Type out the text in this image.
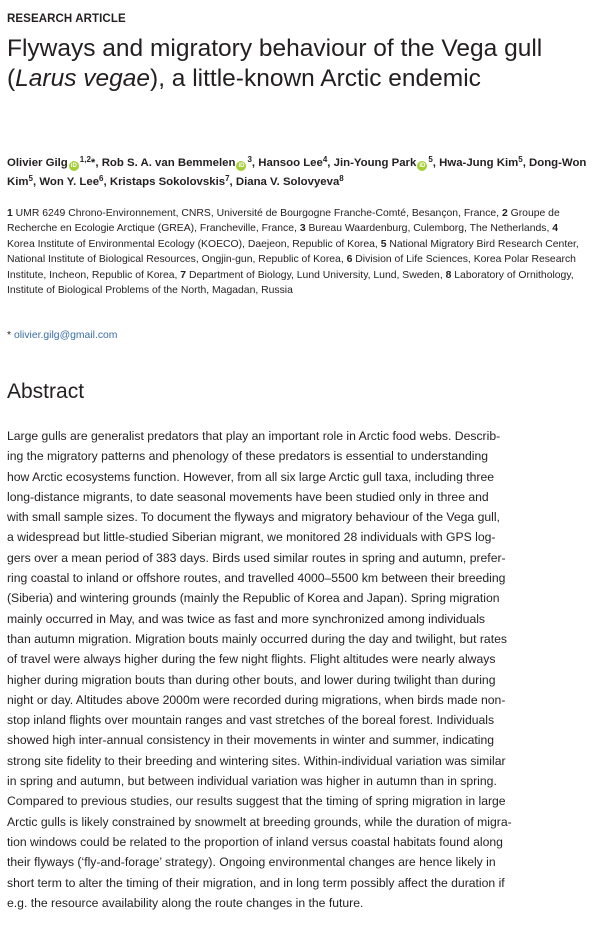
RESEARCH ARTICLE
Flyways and migratory behaviour of the Vega gull (Larus vegae), a little-known Arctic endemic
Olivier Gilg iD$^{1,2}$*, Rob S. A. van Bemmelen $iD^3$, Hansoo Lee$^4$, Jin-Young Park $iD^5$, Hwa-Jung Kim$^5$, Dong-Won Kim$^5$, Won Y. Lee$^6$, Kristaps Sokolovskis$^7$, Diana V. Solovyeva$^8$
1 UMR 6249 Chrono-Environnement, CNRS, Université de Bourgogne Franche-Comté, Besançon, France, 2 Groupe de Recherche en Ecologie Arctique (GREA), Francheville, France, 3 Bureau Waardenburg, Culemborg, The Netherlands, 4 Korea Institute of Environmental Ecology (KOECO), Daejeon, Republic of Korea, 5 National Migratory Bird Research Center, National Institute of Biological Resources, Ongjin-gun, Republic of Korea, 6 Division of Life Sciences, Korea Polar Research Institute, Incheon, Republic of Korea, 7 Department of Biology, Lund University, Lund, Sweden, 8 Laboratory of Ornithology, Institute of Biological Problems of the North, Magadan, Russia
* olivier.gilg@gmail.com
Abstract
Large gulls are generalist predators that play an important role in Arctic food webs. Describ-
ing the migratory patterns and phenology of these predators is essential to understanding
how Arctic ecosystems function. However, from all six large Arctic gull taxa, including three
long-distance migrants, to date seasonal movements have been studied only in three and
with small sample sizes. To document the flyways and migratory behaviour of the Vega gull,
a widespread but little-studied Siberian migrant, we monitored 28 individuals with GPS log-
gers over a mean period of 383 days. Birds used similar routes in spring and autumn, prefer-
ring coastal to inland or offshore routes, and travelled 4000–5500 km between their breeding
(Siberia) and wintering grounds (mainly the Republic of Korea and Japan). Spring migration
mainly occurred in May, and was twice as fast and more synchronized among individuals
than autumn migration. Migration bouts mainly occurred during the day and twilight, but rates
of travel were always higher during the few night flights. Flight altitudes were nearly always
higher during migration bouts than during other bouts, and lower during twilight than during
night or day. Altitudes above 2000m were recorded during migrations, when birds made non-
stop inland flights over mountain ranges and vast stretches of the boreal forest. Individuals
showed high inter-annual consistency in their movements in winter and summer, indicating
strong site fidelity to their breeding and wintering sites. Within-individual variation was similar
in spring and autumn, but between individual variation was higher in autumn than in spring.
Compared to previous studies, our results suggest that the timing of spring migration in large
Arctic gulls is likely constrained by snowmelt at breeding grounds, while the duration of migra-
tion windows could be related to the proportion of inland versus coastal habitats found along
their flyways (‘fly-and-forage’ strategy). Ongoing environmental changes are hence likely in
short term to alter the timing of their migration, and in long term possibly affect the duration if
e.g. the resource availability along the route changes in the future.
